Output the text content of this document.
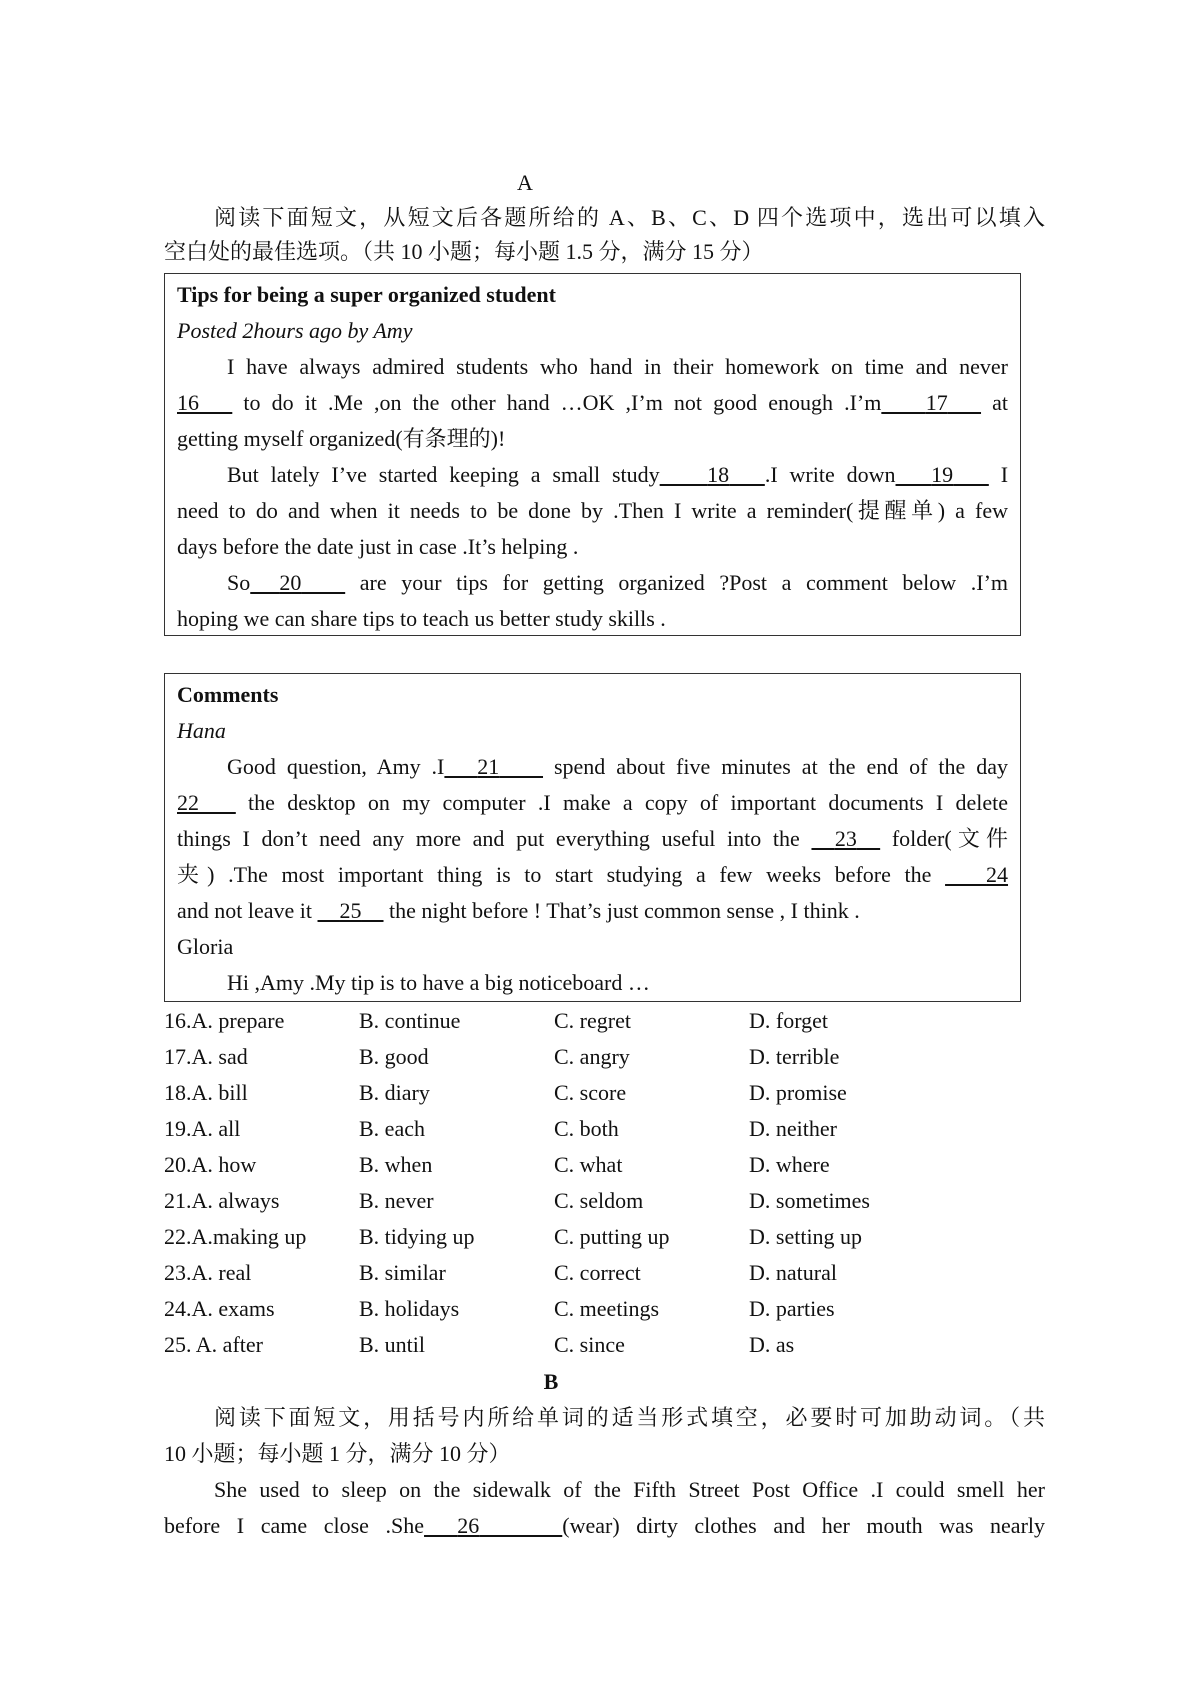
A
阅读下面短文，从短文后各题所给的 A、B、C、D 四个选项中，选出可以填入
空白处的最佳选项。（共 10 小题；每小题 1.5 分，满分 15 分）
Tips for being a super organized student
Posted 2hours ago by Amy
I have always admired students who hand in their homework on time and never
16    to do it .Me ,on the other hand …OK ,I’m not good enough .I’m 17    at
getting myself organized(有条理的)!
But lately I’ve started keeping a small study 18 .I write down 19    I
need to do and when it needs to be done by .Then I write a reminder(提醒单) a few
days before the date just in case .It’s helping .
So 20    are your tips for getting organized ?Post a comment below .I’m
hoping we can share tips to teach us better study skills .
Comments
Hana
Good question, Amy .I 21     spend about five minutes at the end of the day
22    the desktop on my computer .I make a copy of important documents I delete
things I don’t need any more and put everything useful into the   23   folder(文件
夹) .The most important thing is to start studying a few weeks before the    24
and not leave it     25     the night before ! That’s just common sense , I think .
Gloria
Hi ,Amy .My tip is to have a big noticeboard …
16.A. prepare	B. continue	C. regret	D. forget
17.A. sad	B. good	C. angry	D. terrible
18.A. bill	B. diary	C. score	D. promise
19.A. all	B. each	C. both	D. neither
20.A. how	B. when	C. what	D. where
21.A. always	B. never	C. seldom	D. sometimes
22.A.making up B. tidying up	C. putting up	D. setting up
23.A. real	B. similar	C. correct	D. natural
24.A. exams	B. holidays	C. meetings	D. parties
25. A. after	B. until	C. since	D. as
B
阅读下面短文，用括号内所给单词的适当形式填空，必要时可加助动词。（共
10 小题；每小题 1 分，满分 10 分）
She used to sleep on the sidewalk of the Fifth Street Post Office .I could smell her
before I came close .She 26	(wear) dirty clothes and her mouth was nearly
